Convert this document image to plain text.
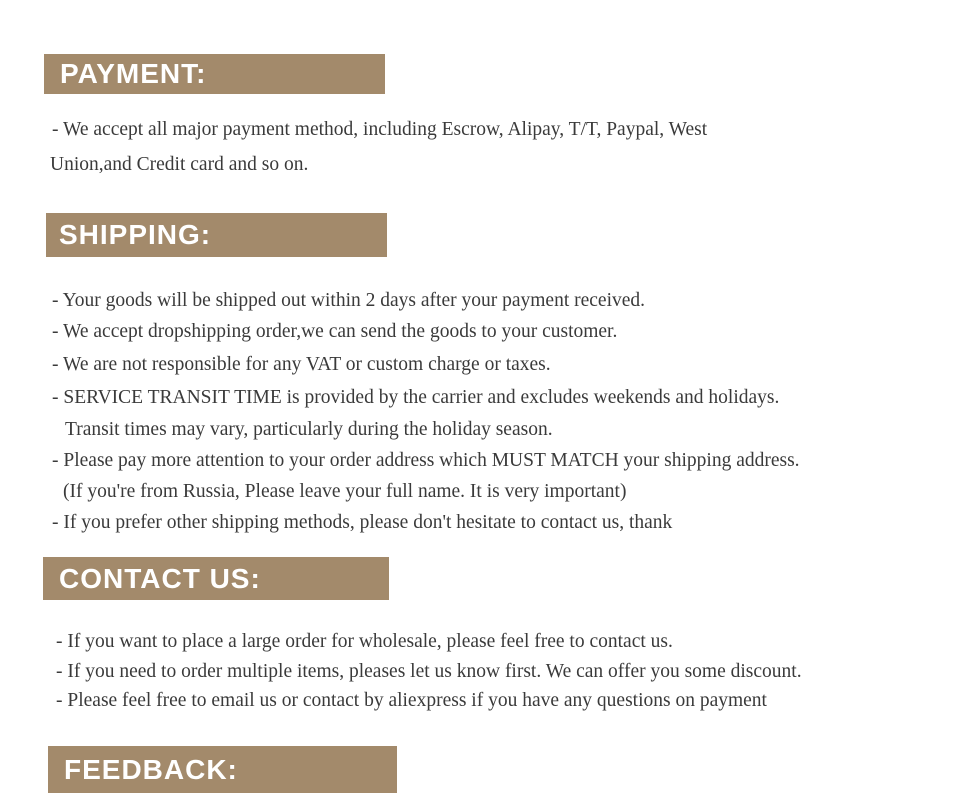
PAYMENT:
- We accept all major payment method, including Escrow, Alipay, T/T, Paypal, West
Union,and Credit card and so on.
SHIPPING:
- Your goods will be shipped out within 2 days after your payment received.
- We accept dropshipping order,we can send the goods to your customer.
- We are not responsible for any VAT or custom charge or taxes.
- SERVICE TRANSIT TIME is provided by the carrier and excludes weekends and holidays.
Transit times may vary, particularly during the holiday season.
- Please pay more attention to your order address which MUST MATCH your shipping address.
(If you're from Russia, Please leave your full name. It is very important)
- If you prefer other shipping methods, please don't hesitate to contact us, thank
CONTACT US:
- If you want to place a large order for wholesale, please feel free to contact us.
- If you need to order multiple items, pleases let us know first. We can offer you some discount.
- Please feel free to email us or contact by aliexpress if you have any questions on payment
FEEDBACK:
